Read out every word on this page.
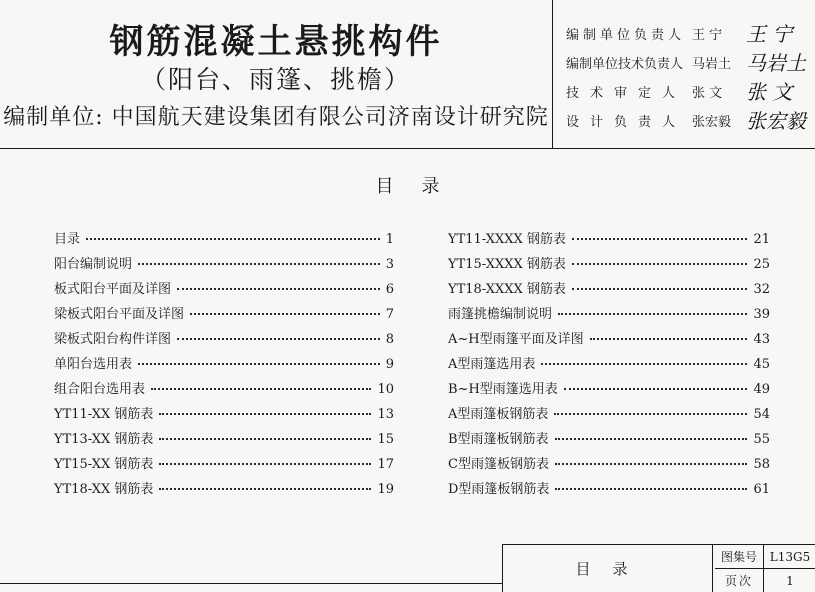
钢筋混凝土悬挑构件
（阳台、雨篷、挑檐）
编制单位: 中国航天建设集团有限公司济南设计研究院
编制单位负责人 王 宁	王 宁
编制单位技术负责人 马岩土 马岩土
技术审定人 张 文	张 文
设计负责人 张宏毅 张宏毅
目录
目录	1
阳台编制说明	3
板式阳台平面及详图	6
梁板式阳台平面及详图	7
梁板式阳台构件详图	8
单阳台选用表	9
组合阳台选用表	10
YT11-XX 钢筋表	13
YT13-XX 钢筋表	15
YT15-XX 钢筋表	17
YT18-XX 钢筋表	19
YT11-XXXX 钢筋表	21
YT15-XXXX 钢筋表	25
YT18-XXXX 钢筋表	32
雨篷挑檐编制说明	39
A~H型雨篷平面及详图	43
A型雨篷选用表	45
B~H型雨篷选用表	49
A型雨篷板钢筋表	54
B型雨篷板钢筋表	55
C型雨篷板钢筋表	58
D型雨篷板钢筋表	61
目录
图集号	L13G5
页次	1
